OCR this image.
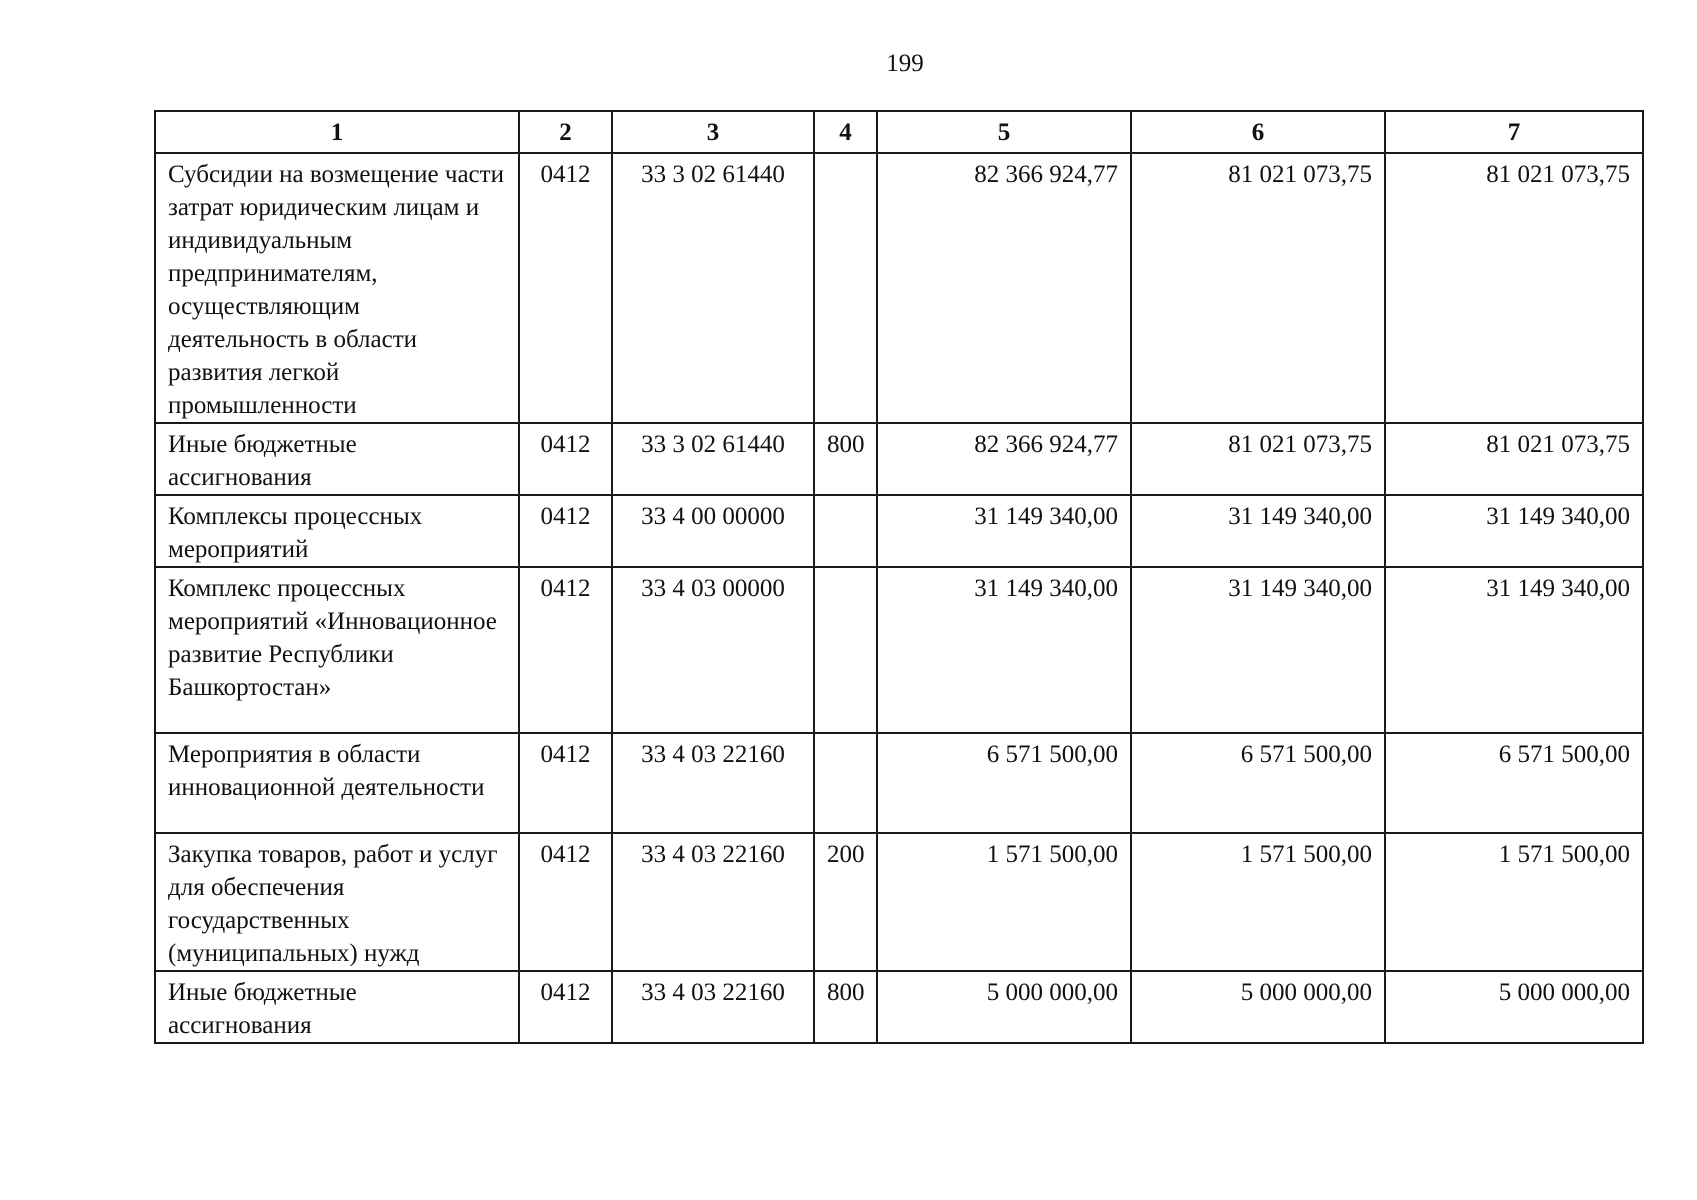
199
1	2	3	4	5	6	7
Субсидии на возмещение части затрат юридическим лицам и индивидуальным предпринимателям, осуществляющим деятельность в области развития легкой промышленности	0412	33 3 02 61440		82 366 924,77	81 021 073,75	81 021 073,75
Иные бюджетные ассигнования	0412	33 3 02 61440	800	82 366 924,77	81 021 073,75	81 021 073,75
Комплексы процессных мероприятий	0412	33 4 00 00000		31 149 340,00	31 149 340,00	31 149 340,00
Комплекс процессных мероприятий «Инновационное развитие Республики Башкортостан»	0412	33 4 03 00000		31 149 340,00	31 149 340,00	31 149 340,00
Мероприятия в области инновационной деятельности	0412	33 4 03 22160		6 571 500,00	6 571 500,00	6 571 500,00
Закупка товаров, работ и услуг для обеспечения государственных (муниципальных) нужд	0412	33 4 03 22160	200	1 571 500,00	1 571 500,00	1 571 500,00
Иные бюджетные ассигнования	0412	33 4 03 22160	800	5 000 000,00	5 000 000,00	5 000 000,00
